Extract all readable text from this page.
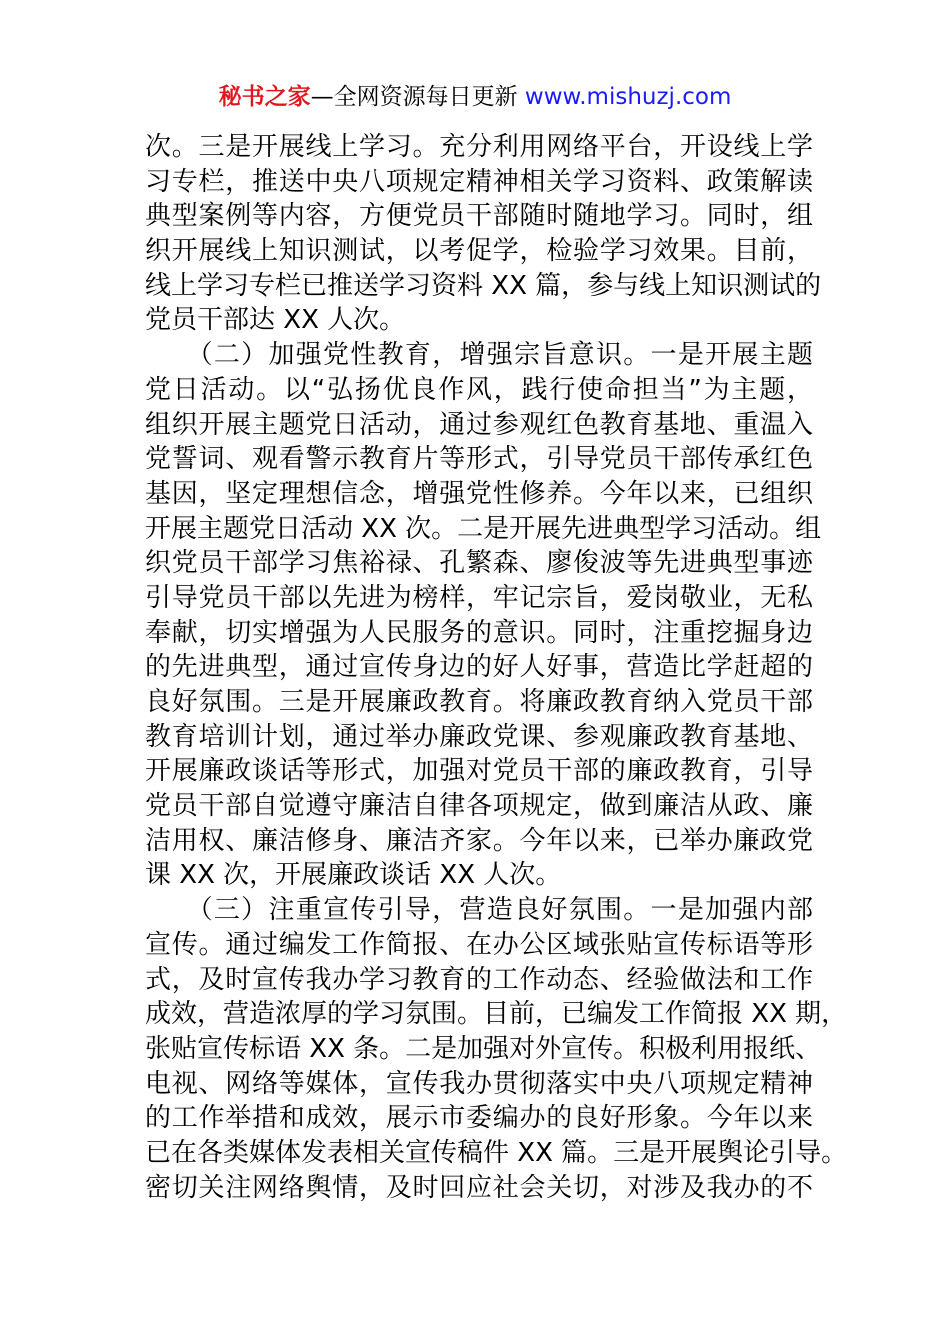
秘书之家—全网资源每日更新 www.mishuzj.com
次。三是开展线上学习。充分利用网络平台，开设线上学
习专栏，推送中央八项规定精神相关学习资料、政策解读
典型案例等内容，方便党员干部随时随地学习。同时，组
织开展线上知识测试，以考促学，检验学习效果。目前，
线上学习专栏已推送学习资料 XX 篇，参与线上知识测试的
党员干部达 XX 人次。
　　（二）加强党性教育，增强宗旨意识。一是开展主题
党日活动。以“弘扬优良作风，践行使命担当”为主题，
组织开展主题党日活动，通过参观红色教育基地、重温入
党誓词、观看警示教育片等形式，引导党员干部传承红色
基因，坚定理想信念，增强党性修养。今年以来，已组织
开展主题党日活动 XX 次。二是开展先进典型学习活动。组
织党员干部学习焦裕禄、孔繁森、廖俊波等先进典型事迹
引导党员干部以先进为榜样，牢记宗旨，爱岗敬业，无私
奉献，切实增强为人民服务的意识。同时，注重挖掘身边
的先进典型，通过宣传身边的好人好事，营造比学赶超的
良好氛围。三是开展廉政教育。将廉政教育纳入党员干部
教育培训计划，通过举办廉政党课、参观廉政教育基地、
开展廉政谈话等形式，加强对党员干部的廉政教育，引导
党员干部自觉遵守廉洁自律各项规定，做到廉洁从政、廉
洁用权、廉洁修身、廉洁齐家。今年以来，已举办廉政党
课 XX 次，开展廉政谈话 XX 人次。
　　（三）注重宣传引导，营造良好氛围。一是加强内部
宣传。通过编发工作简报、在办公区域张贴宣传标语等形
式，及时宣传我办学习教育的工作动态、经验做法和工作
成效，营造浓厚的学习氛围。目前，已编发工作简报 XX 期，
张贴宣传标语 XX 条。二是加强对外宣传。积极利用报纸、
电视、网络等媒体，宣传我办贯彻落实中央八项规定精神
的工作举措和成效，展示市委编办的良好形象。今年以来
已在各类媒体发表相关宣传稿件 XX 篇。三是开展舆论引导。
密切关注网络舆情，及时回应社会关切，对涉及我办的不
